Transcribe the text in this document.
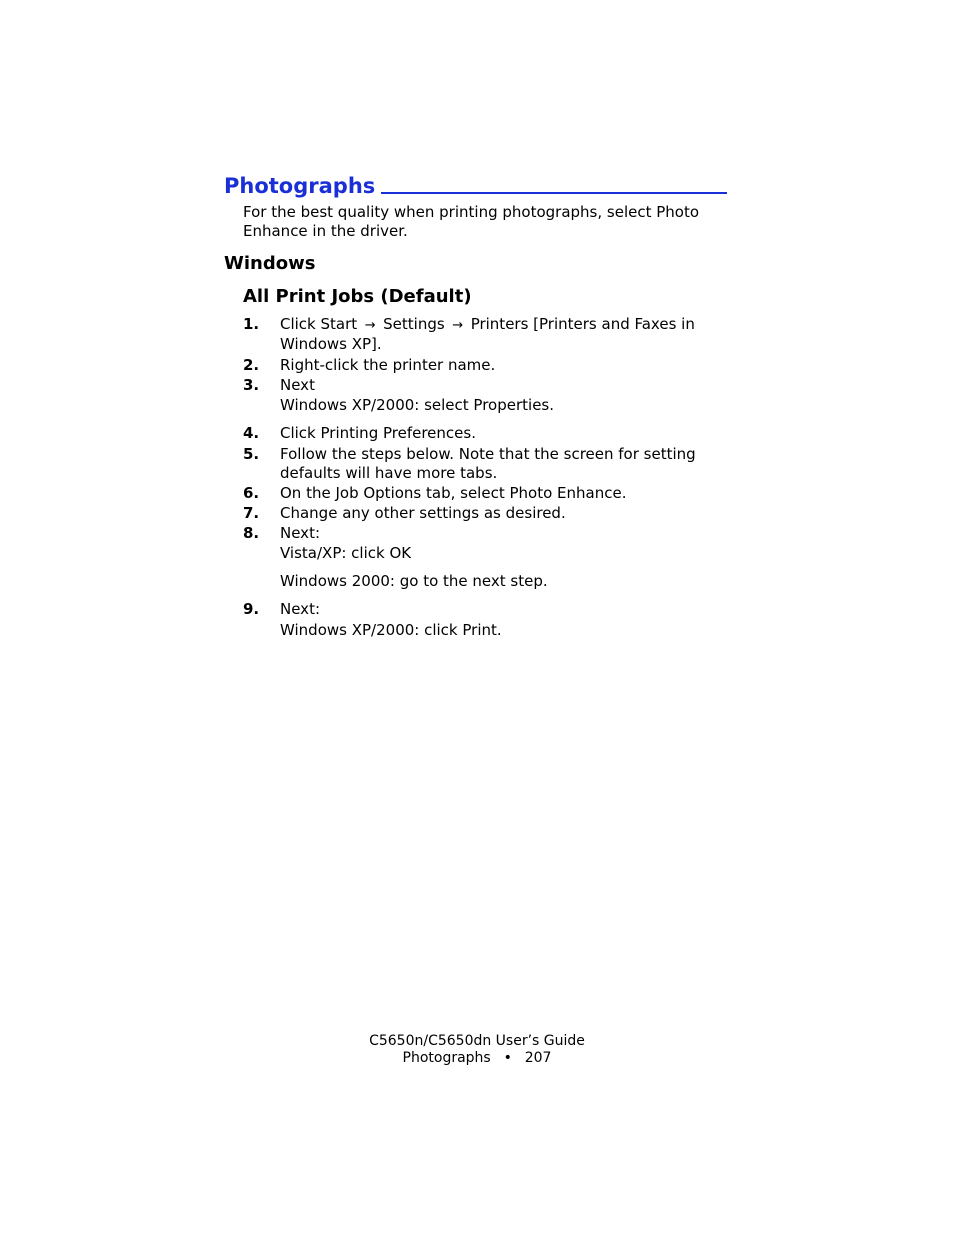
Photographs

For the best quality when printing photographs, select Photo Enhance in the driver.

Windows
All Print Jobs (Default)
1. Click Start → Settings → Printers [Printers and Faxes in Windows XP].
2. Right-click the printer name.
3. Next
Windows XP/2000: select Properties.
4. Click Printing Preferences.
5. Follow the steps below. Note that the screen for setting defaults will have more tabs.
6. On the Job Options tab, select Photo Enhance.
7. Change any other settings as desired.
8. Next:
Vista/XP: click OK
Windows 2000: go to the next step.
9. Next:
Windows XP/2000: click Print.
C5650n/C5650dn User’s Guide
Photographs • 207
